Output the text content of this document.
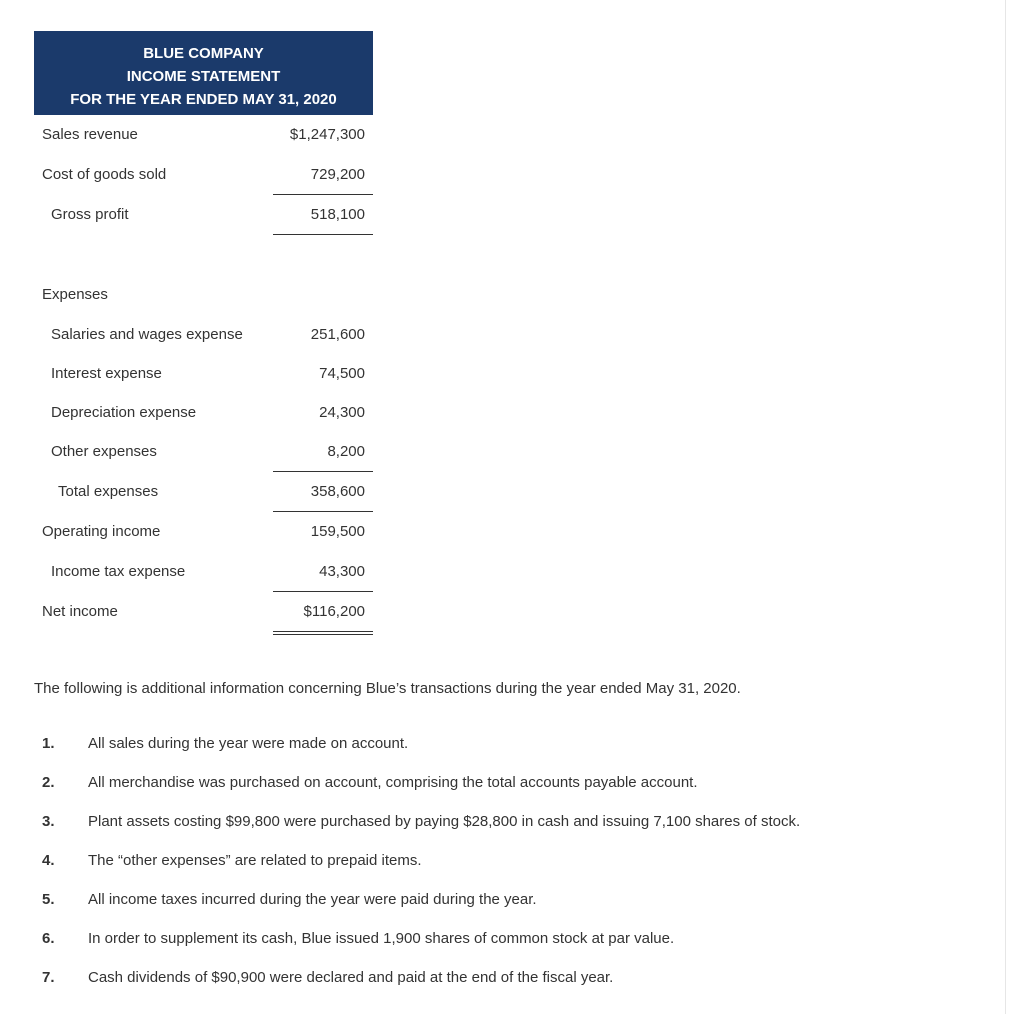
BLUE COMPANY
INCOME STATEMENT
FOR THE YEAR ENDED MAY 31, 2020
Sales revenue	$1,247,300
Cost of goods sold	729,200
Gross profit	518,100
Expenses
Salaries and wages expense	251,600
Interest expense	74,500
Depreciation expense	24,300
Other expenses	8,200
Total expenses	358,600
Operating income	159,500
Income tax expense	43,300
Net income	$116,200
The following is additional information concerning Blue’s transactions during the year ended May 31, 2020.
1. All sales during the year were made on account.
2. All merchandise was purchased on account, comprising the total accounts payable account.
3. Plant assets costing $99,800 were purchased by paying $28,800 in cash and issuing 7,100 shares of stock.
4. The “other expenses” are related to prepaid items.
5. All income taxes incurred during the year were paid during the year.
6. In order to supplement its cash, Blue issued 1,900 shares of common stock at par value.
7. Cash dividends of $90,900 were declared and paid at the end of the fiscal year.
